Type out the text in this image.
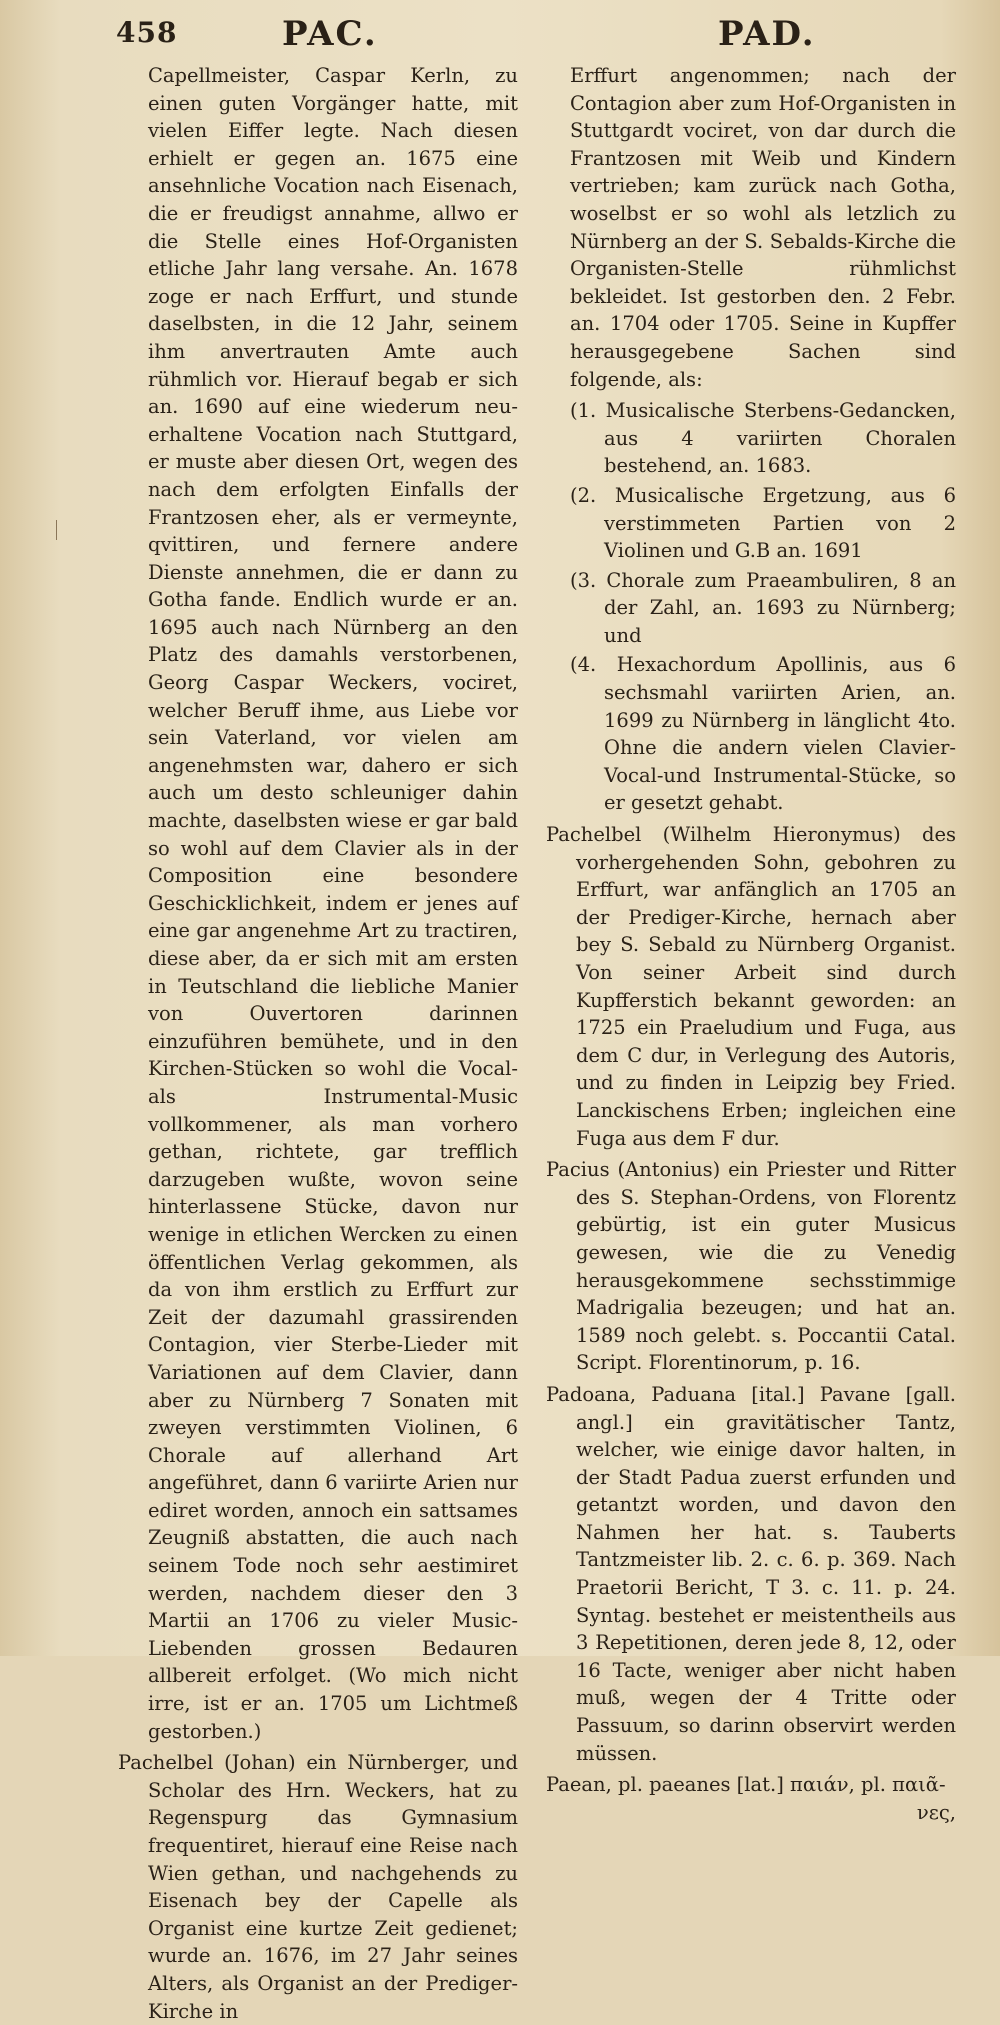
458	PAC.	PAD.

Capellmeister, Caspar Kerln, zu einen guten Vorgänger hatte, mit vielen Eiffer legte. Nach diesen erhielt er gegen an. 1675 eine ansehnliche Vocation nach Eisenach, die er freudigst annahme, allwo er die Stelle eines Hof-Organisten etliche Jahr lang versahe. An. 1678 zoge er nach Erffurt, und stunde daselbsten, in die 12 Jahr, seinem ihm anvertrauten Amte auch rühmlich vor. Hierauf begab er sich an. 1690 auf eine wiederum neu-erhaltene Vocation nach Stuttgard, er muste aber diesen Ort, wegen des nach dem erfolgten Einfalls der Frantzosen eher, als er vermeynte, qvittiren, und fernere andere Dienste annehmen, die er dann zu Gotha fande. Endlich wurde er an. 1695 auch nach Nürnberg an den Platz des damahls verstorbenen, Georg Caspar Weckers, vociret, welcher Beruff ihme, aus Liebe vor sein Vaterland, vor vielen am angenehmsten war, dahero er sich auch um desto schleuniger dahin machte, daselbsten wiese er gar bald so wohl auf dem Clavier als in der Composition eine besondere Geschicklichkeit, indem er jenes auf eine gar angenehme Art zu tractiren, diese aber, da er sich mit am ersten in Teutschland die liebliche Manier von Ouvertoren darinnen einzuführen bemühete, und in den Kirchen-Stücken so wohl die Vocal-als Instrumental-Music vollkommener, als man vorhero gethan, richtete, gar trefflich darzugeben wußte, wovon seine hinterlassene Stücke, davon nur wenige in etlichen Wercken zu einen öffentlichen Verlag gekommen, als da von ihm erstlich zu Erffurt zur Zeit der dazumahl grassirenden Contagion, vier Sterbe-Lieder mit Variationen auf dem Clavier, dann aber zu Nürnberg 7 Sonaten mit zweyen verstimmten Violinen, 6 Chorale auf allerhand Art angeführet, dann 6 variirte Arien nur ediret worden, annoch ein sattsames Zeugniß abstatten, die auch nach seinem Tode noch sehr aestimiret werden, nachdem dieser den 3 Martii an 1706 zu vieler Music-Liebenden grossen Bedauren allbereit erfolget. (Wo mich nicht irre, ist er an. 1705 um Lichtmeß gestorben.)

Pachelbel (Johan) ein Nürnberger, und Scholar des Hrn. Weckers, hat zu Regenspurg das Gymnasium frequentiret, hierauf eine Reise nach Wien gethan, und nachgehends zu Eisenach bey der Capelle als Organist eine kurtze Zeit gedienet; wurde an. 1676, im 27 Jahr seines Alters, als Organist an der Prediger-Kirche in

Erffurt angenommen; nach der Contagion aber zum Hof-Organisten in Stuttgardt vociret, von dar durch die Frantzosen mit Weib und Kindern vertrieben; kam zurück nach Gotha, woselbst er so wohl als letzlich zu Nürnberg an der S. Sebalds-Kirche die Organisten-Stelle rühmlichst bekleidet. Ist gestorben den. 2 Febr. an. 1704 oder 1705. Seine in Kupffer herausgegebene Sachen sind folgende, als:

(1. Musicalische Sterbens-Gedancken, aus 4 variirten Choralen bestehend, an. 1683.

(2. Musicalische Ergetzung, aus 6 verstimmeten Partien von 2 Violinen und G.B an. 1691

(3. Chorale zum Praeambuliren, 8 an der Zahl, an. 1693 zu Nürnberg; und

(4. Hexachordum Apollinis, aus 6 sechsmahl variirten Arien, an. 1699 zu Nürnberg in länglicht 4to. Ohne die andern vielen Clavier-Vocal-und Instrumental-Stücke, so er gesetzt gehabt.

Pachelbel (Wilhelm Hieronymus) des vorhergehenden Sohn, gebohren zu Erffurt, war anfänglich an 1705 an der Prediger-Kirche, hernach aber bey S. Sebald zu Nürnberg Organist. Von seiner Arbeit sind durch Kupfferstich bekannt geworden: an 1725 ein Praeludium und Fuga, aus dem C dur, in Verlegung des Autoris, und zu finden in Leipzig bey Fried. Lanckischens Erben; ingleichen eine Fuga aus dem F dur.

Pacius (Antonius) ein Priester und Ritter des S. Stephan-Ordens, von Florentz gebürtig, ist ein guter Musicus gewesen, wie die zu Venedig herausgekommene sechsstimmige Madrigalia bezeugen; und hat an. 1589 noch gelebt. s. Poccantii Catal. Script. Florentinorum, p. 16.

Padoana, Paduana [ital.] Pavane [gall. angl.] ein gravitätischer Tantz, welcher, wie einige davor halten, in der Stadt Padua zuerst erfunden und getantzt worden, und davon den Nahmen her hat. s. Tauberts Tantzmeister lib. 2. c. 6. p. 369. Nach Praetorii Bericht, T 3. c. 11. p. 24. Syntag. bestehet er meistentheils aus 3 Repetitionen, deren jede 8, 12, oder 16 Tacte, weniger aber nicht haben muß, wegen der 4 Tritte oder Passuum, so darinn observirt werden müssen.

Paean, pl. paeanes [lat.] παιάν, pl. παιᾶ-

νες,
